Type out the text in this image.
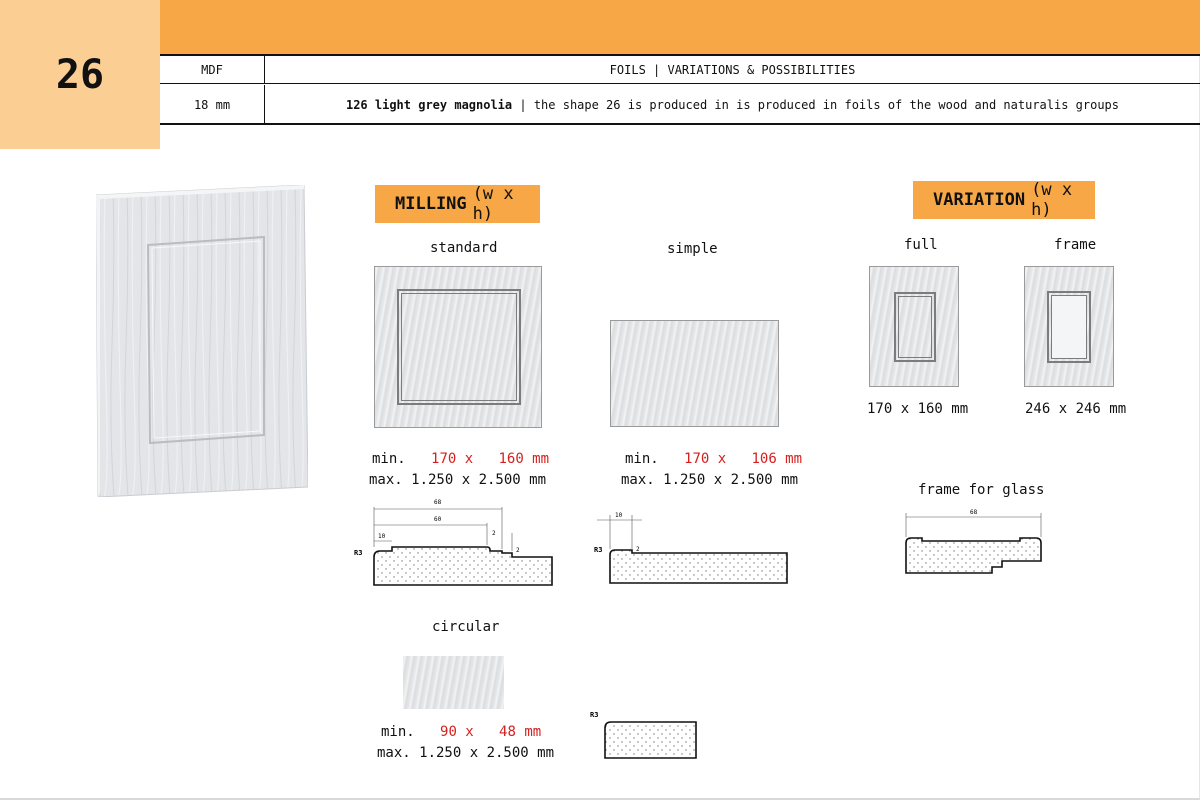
26	MDF	FOILS | VARIATIONS & POSSIBILITIES
18 mm	126 light grey magnolia | the shape 26 is produced in is produced in foils of the wood and naturalis groups
MILLING (w x h)
VARIATION (w x h)
standard
min. 170 x 160 mm
max. 1.250 x 2.500 mm
simple
min. 170 x 106 mm
max. 1.250 x 2.500 mm
circular
min. 90 x 48 mm
max. 1.250 x 2.500 mm
full
170 x 160 mm
frame
246 x 246 mm
frame for glass
68
60
10	2
2
R3
10
2
R3
R3
68
